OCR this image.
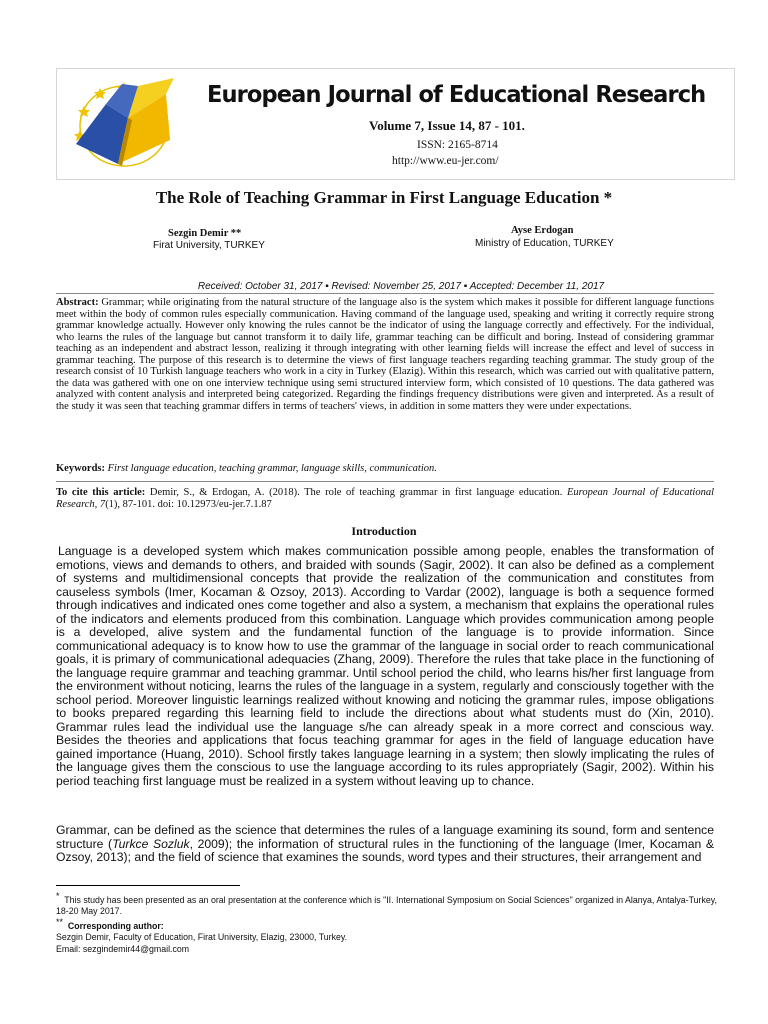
European Journal of Educational Research
Volume 7, Issue 14, 87 - 101.
ISSN: 2165-8714
http://www.eu-jer.com/
The Role of Teaching Grammar in First Language Education *
Sezgin Demir **
Firat University, TURKEY
Ayse Erdogan
Ministry of Education, TURKEY
Received: October 31, 2017 ▪ Revised: November 25, 2017 ▪ Accepted: December 11, 2017
Abstract: Grammar; while originating from the natural structure of the language also is the system which makes it possible for different language functions meet within the body of common rules especially communication. Having command of the language used, speaking and writing it correctly require strong grammar knowledge actually. However only knowing the rules cannot be the indicator of using the language correctly and effectively. For the individual, who learns the rules of the language but cannot transform it to daily life, grammar teaching can be difficult and boring. Instead of considering grammar teaching as an independent and abstract lesson, realizing it through integrating with other learning fields will increase the effect and level of success in grammar teaching. The purpose of this research is to determine the views of first language teachers regarding teaching grammar. The study group of the research consist of 10 Turkish language teachers who work in a city in Turkey (Elazig). Within this research, which was carried out with qualitative pattern, the data was gathered with one on one interview technique using semi structured interview form, which consisted of 10 questions. The data gathered was analyzed with content analysis and interpreted being categorized. Regarding the findings frequency distributions were given and interpreted. As a result of the study it was seen that teaching grammar differs in terms of teachers' views, in addition in some matters they were under expectations.
Keywords: First language education, teaching grammar, language skills, communication.
To cite this article: Demir, S., & Erdogan, A. (2018). The role of teaching grammar in first language education. European Journal of Educational Research, 7(1), 87-101. doi: 10.12973/eu-jer.7.1.87
Introduction
Language is a developed system which makes communication possible among people, enables the transformation of emotions, views and demands to others, and braided with sounds (Sagir, 2002). It can also be defined as a complement of systems and multidimensional concepts that provide the realization of the communication and constitutes from causeless symbols (Imer, Kocaman & Ozsoy, 2013). According to Vardar (2002), language is both a sequence formed through indicatives and indicated ones come together and also a system, a mechanism that explains the operational rules of the indicators and elements produced from this combination. Language which provides communication among people is a developed, alive system and the fundamental function of the language is to provide information. Since communicational adequacy is to know how to use the grammar of the language in social order to reach communicational goals, it is primary of communicational adequacies (Zhang, 2009). Therefore the rules that take place in the functioning of the language require grammar and teaching grammar. Until school period the child, who learns his/her first language from the environment without noticing, learns the rules of the language in a system, regularly and consciously together with the school period. Moreover linguistic learnings realized without knowing and noticing the grammar rules, impose obligations to books prepared regarding this learning field to include the directions about what students must do (Xin, 2010). Grammar rules lead the individual use the language s/he can already speak in a more correct and conscious way. Besides the theories and applications that focus teaching grammar for ages in the field of language education have gained importance (Huang, 2010). School firstly takes language learning in a system; then slowly implicating the rules of the language gives them the conscious to use the language according to its rules appropriately (Sagir, 2002). Within his period teaching first language must be realized in a system without leaving up to chance.
Grammar, can be defined as the science that determines the rules of a language examining its sound, form and sentence structure (Turkce Sozluk, 2009); the information of structural rules in the functioning of the language (Imer, Kocaman & Ozsoy, 2013); and the field of science that examines the sounds, word types and their structures, their arrangement and
* This study has been presented as an oral presentation at the conference which is "II. International Symposium on Social Sciences" organized in Alanya, Antalya-Turkey, 18-20 May 2017.
** Corresponding author:
Sezgin Demir, Faculty of Education, Firat University, Elazig, 23000, Turkey.
Email: sezgindemir44@gmail.com
